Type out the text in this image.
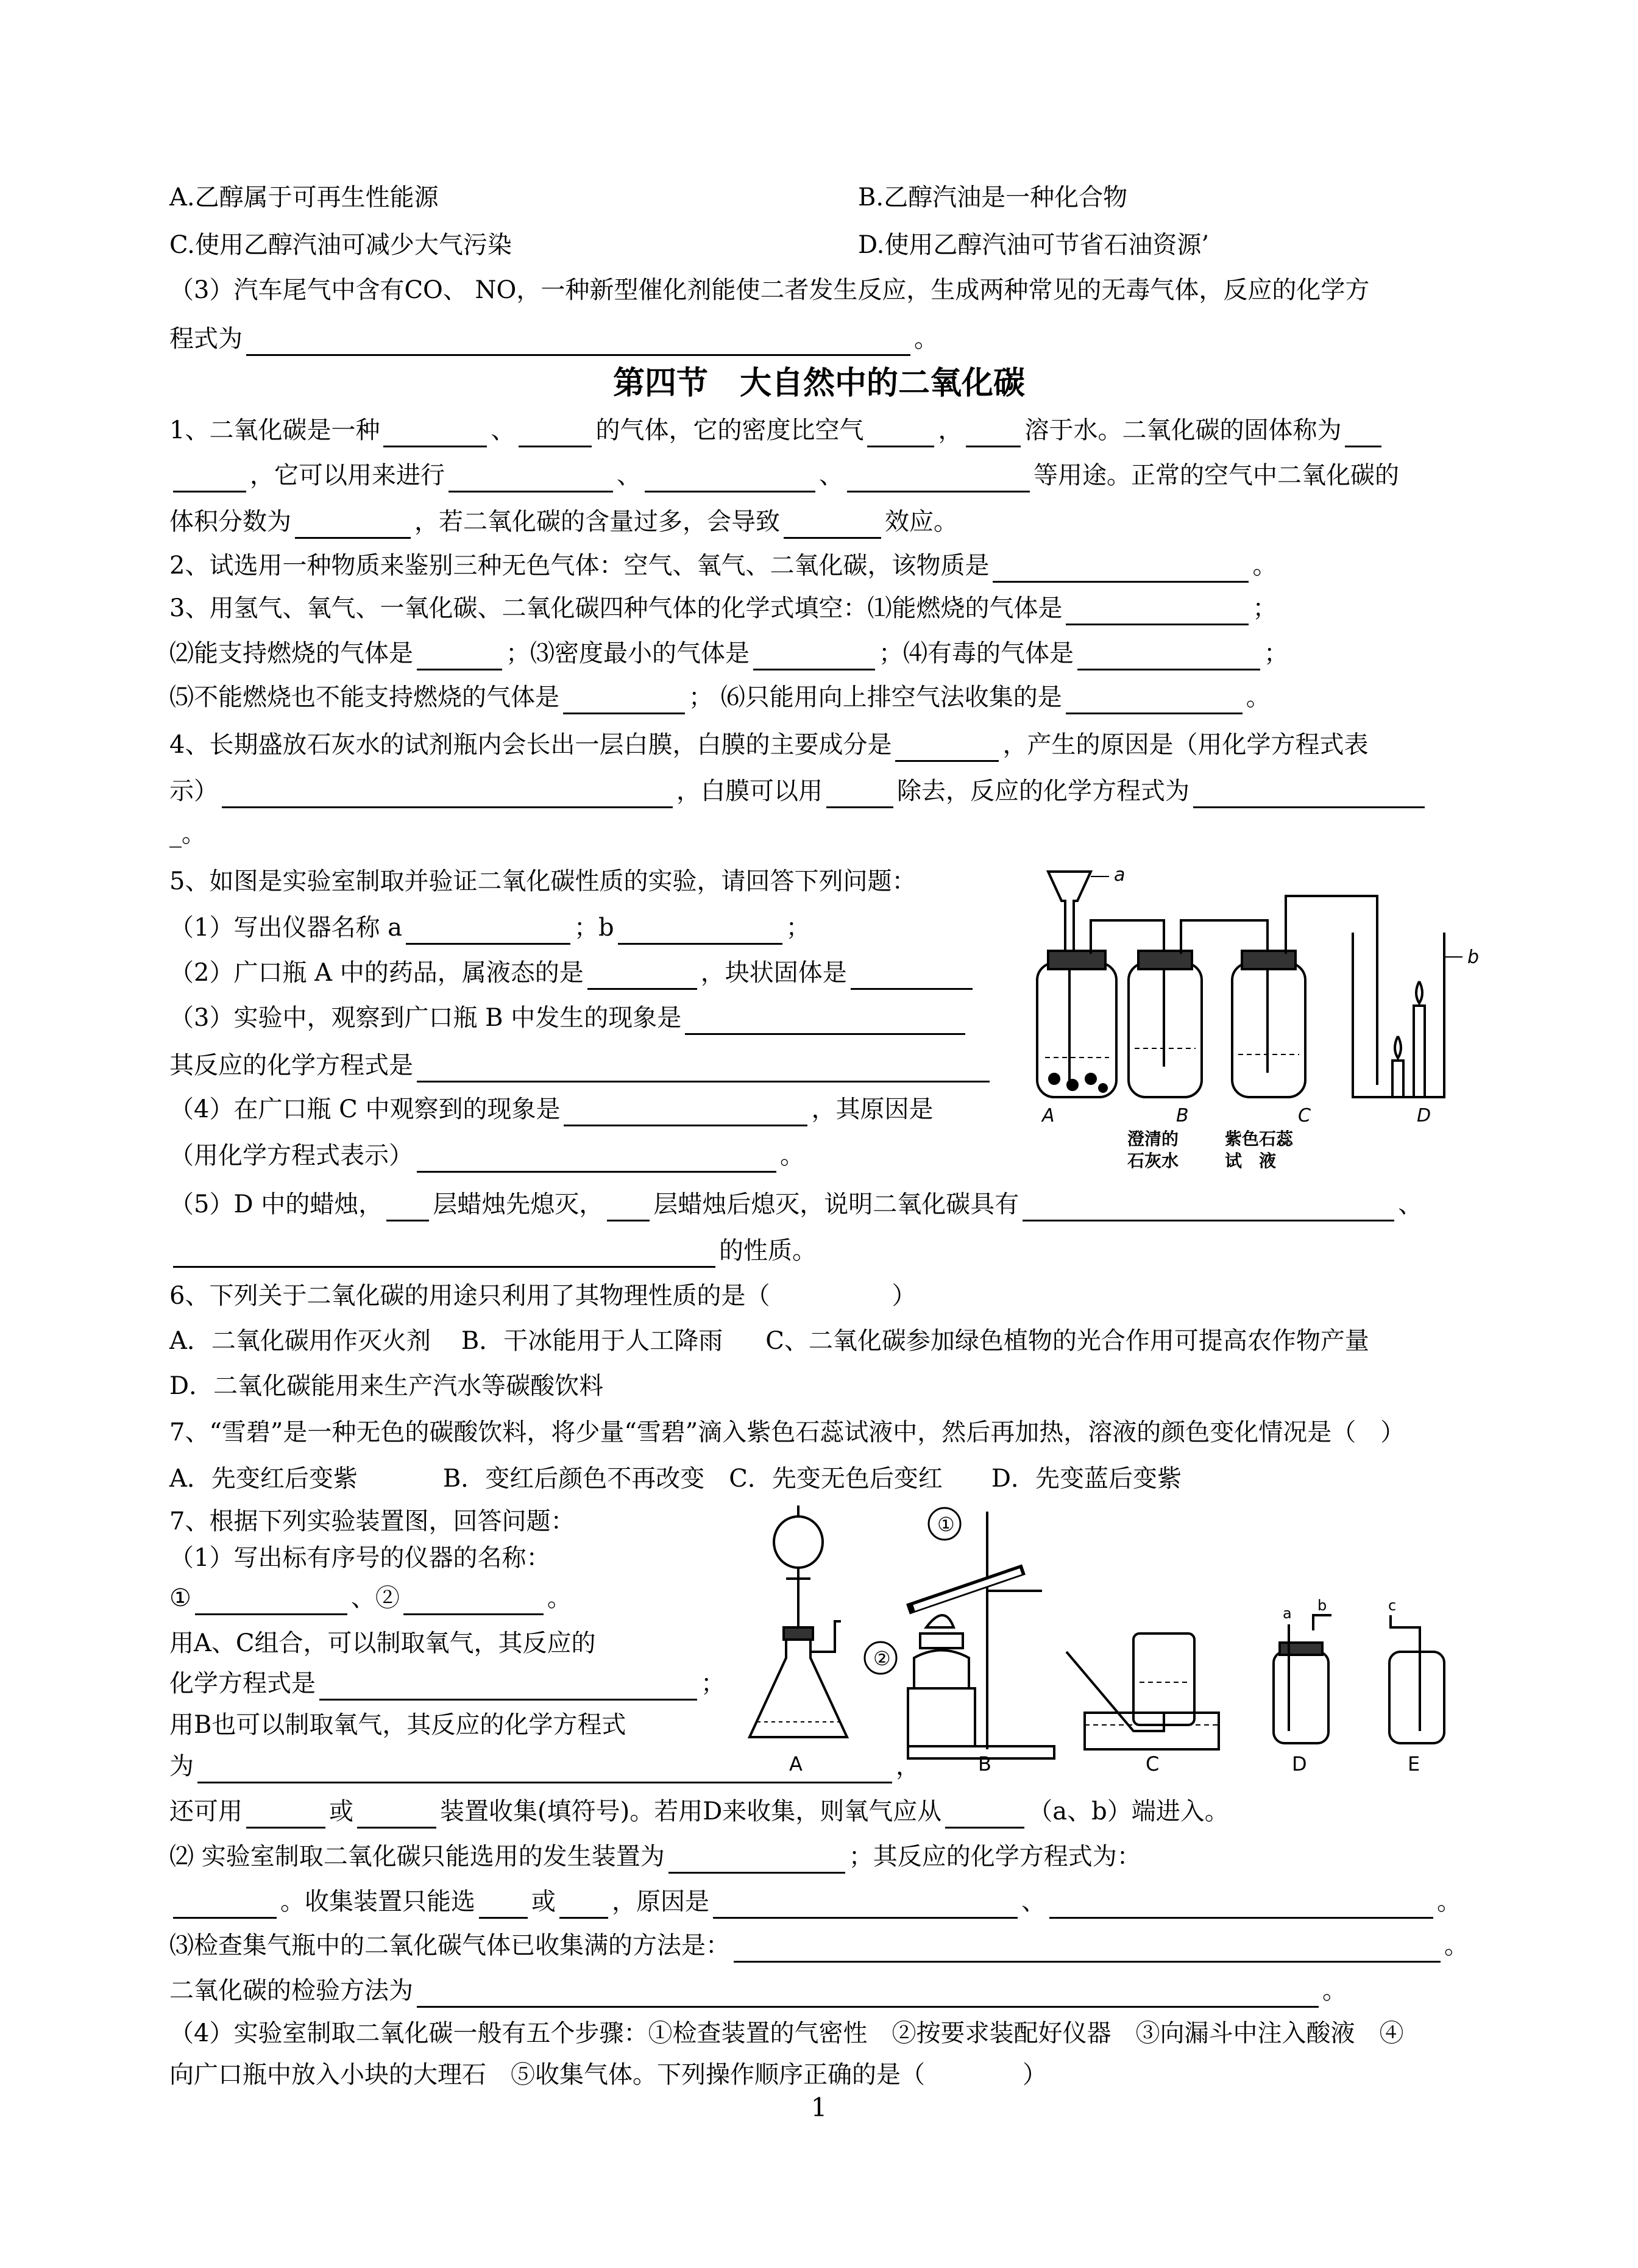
A.乙醇属于可再生性能源	B.乙醇汽油是一种化合物
C.使用乙醇汽油可减少大气污染	D.使用乙醇汽油可节省石油资源’
（3）汽车尾气中含有CO、 NO，一种新型催化剂能使二者发生反应，生成两种常见的无毒气体，反应的化学方
程式为	。
第四节　大自然中的二氧化碳
1、二氧化碳是一种	、	的气体，它的密度比空气	，	溶于水。二氧化碳的固体称为
，它可以用来进行	、	、	等用途。正常的空气中二氧化碳的
体积分数为	，若二氧化碳的含量过多，会导致	效应。
2、试选用一种物质来鉴别三种无色气体：空气、氧气、二氧化碳，该物质是	。
3、用氢气、氧气、一氧化碳、二氧化碳四种气体的化学式填空：⑴能燃烧的气体是	；
⑵能支持燃烧的气体是	；⑶密度最小的气体是	；⑷有毒的气体是	；
⑸不能燃烧也不能支持燃烧的气体是	； ⑹只能用向上排空气法收集的是	。
4、长期盛放石灰水的试剂瓶内会长出一层白膜，白膜的主要成分是	，产生的原因是（用化学方程式表
示）	，白膜可以用	除去，反应的化学方程式为
_。
5、如图是实验室制取并验证二氧化碳性质的实验，请回答下列问题：
（1）写出仪器名称 a	；b	；
（2）广口瓶 A 中的药品，属液态的是	，块状固体是
（3）实验中，观察到广口瓶 B 中发生的现象是
其反应的化学方程式是
（4）在广口瓶 C 中观察到的现象是	，其原因是
（用化学方程式表示）	。
（5）D 中的蜡烛， 层蜡烛先熄灭， 层蜡烛后熄灭，说明二氧化碳具有	、
的性质。
a
b
A	B	C	D
澄清的
石灰水
紫色石蕊
试　液
6、下列关于二氧化碳的用途只利用了其物理性质的是（　　　　　）
A．二氧化碳用作灭火剂 B．干冰能用于人工降雨 C、二氧化碳参加绿色植物的光合作用可提高农作物产量
D．二氧化碳能用来生产汽水等碳酸饮料
7、“雪碧”是一种无色的碳酸饮料，将少量“雪碧”滴入紫色石蕊试液中，然后再加热，溶液的颜色变化情况是（　）
A．先变红后变紫	B．变红后颜色不再改变 C．先变无色后变红 D．先变蓝后变紫
7、根据下列实验装置图，回答问题：
（1）写出标有序号的仪器的名称：
①	、②	。
用A、C组合，可以制取氧气，其反应的
化学方程式是	；
用B也可以制取氧气，其反应的化学方程式
为	，
还可用	或	装置收集(填符号)。若用D来收集，则氧气应从	（a、b）端进入。
⑵ 实验室制取二氧化碳只能选用的发生装置为	；其反应的化学方程式为：
。收集装置只能选 或 ，原因是	、	。
⑶检查集气瓶中的二氧化碳气体已收集满的方法是：	。
二氧化碳的检验方法为	。
（4）实验室制取二氧化碳一般有五个步骤：①检查装置的气密性　②按要求装配好仪器　③向漏斗中注入酸液　④
向广口瓶中放入小块的大理石　⑤收集气体。下列操作顺序正确的是（　　　　）
①
②
A	B	C	D	E
a b	c
1
